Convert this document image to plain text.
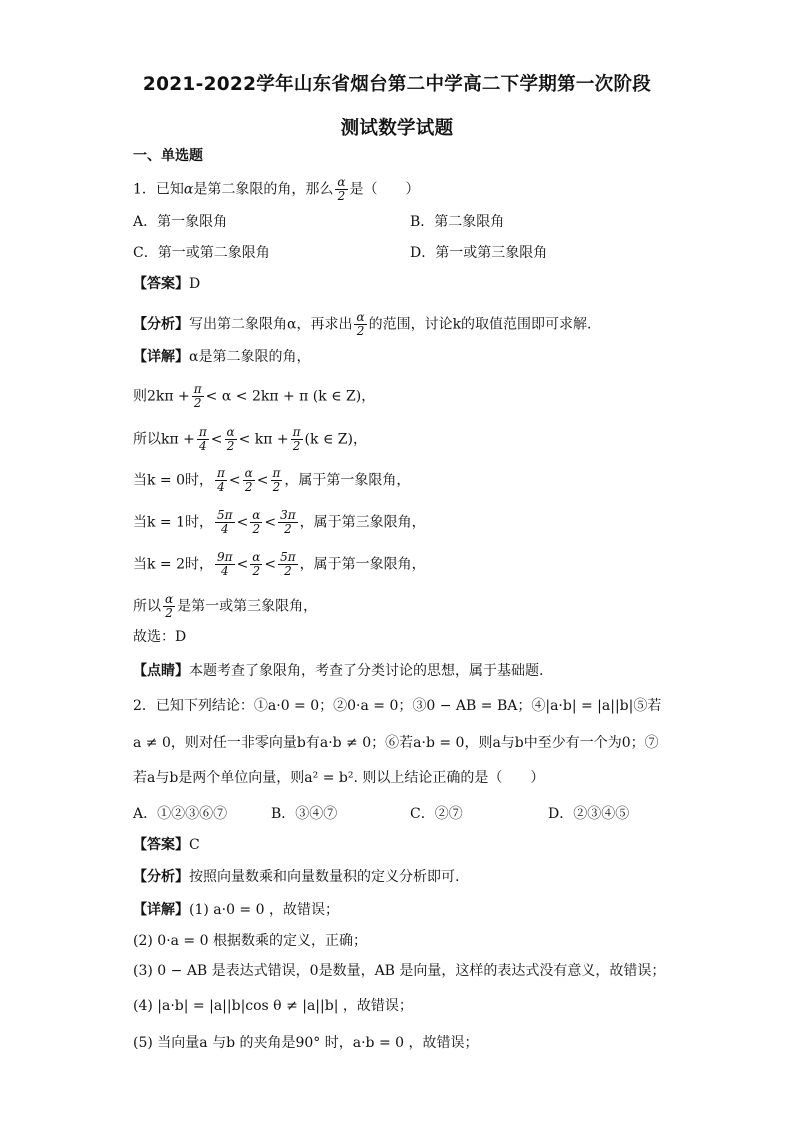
2021-2022学年山东省烟台第二中学高二下学期第一次阶段
测试数学试题
一、单选题
1．已知α是第二象限的角，那么 $\frac{\alpha}{2}$ 是（　　）
A．第一象限角	B．第二象限角
C．第一或第二象限角	D．第一或第三象限角
【答案】D
【分析】写出第二象限角α，再求出 $\frac{\alpha}{2}$ 的范围，讨论k的取值范围即可求解.
【详解】α是第二象限的角，
则$2k\pi + \frac{\pi}{2} < \alpha < 2k\pi + \pi$ (k ∈ Z)，
所以$k\pi + \frac{\pi}{4} < \frac{\alpha}{2} < k\pi + \frac{\pi}{2} (k$ ∈ Z)，
当k = 0时， $\frac{\pi}{4} < \frac{\alpha}{2} < \frac{\pi}{2}$ ，属于第一象限角，
当k = 1时， $\frac{5\pi}{4} < \frac{\alpha}{2} < \frac{3\pi}{2}$ ，属于第三象限角，
当k = 2时， $\frac{9\pi}{4} < \frac{\alpha}{2} < \frac{5\pi}{2}$ ，属于第一象限角，
所以 $\frac{\alpha}{2}$ 是第一或第三象限角，
故选：D
【点睛】本题考查了象限角，考查了分类讨论的思想，属于基础题.
2．已知下列结论：①a·0 = 0；②0·a = 0；③0 − AB = BA；④|a·b| = |a||b|⑤若
a ≠ 0，则对任一非零向量b有a·b ≠ 0；⑥若a·b = 0，则a与b中至少有一个为0；⑦
若a与b是两个单位向量，则a² = b². 则以上结论正确的是（　　）
A．①②③⑥⑦	B．③④⑦	C．②⑦	D．②③④⑤
【答案】C
【分析】按照向量数乘和向量数量积的定义分析即可.
【详解】(1) a·0 = 0 ，故错误；
(2) 0·a = 0 根据数乘的定义，正确；
(3) 0 − AB 是表达式错误，0是数量，AB 是向量，这样的表达式没有意义，故错误；
(4) |a·b| = |a||b|cos θ ≠ |a||b| ，故错误；
(5) 当向量a 与b 的夹角是90° 时，a·b = 0 ，故错误；
